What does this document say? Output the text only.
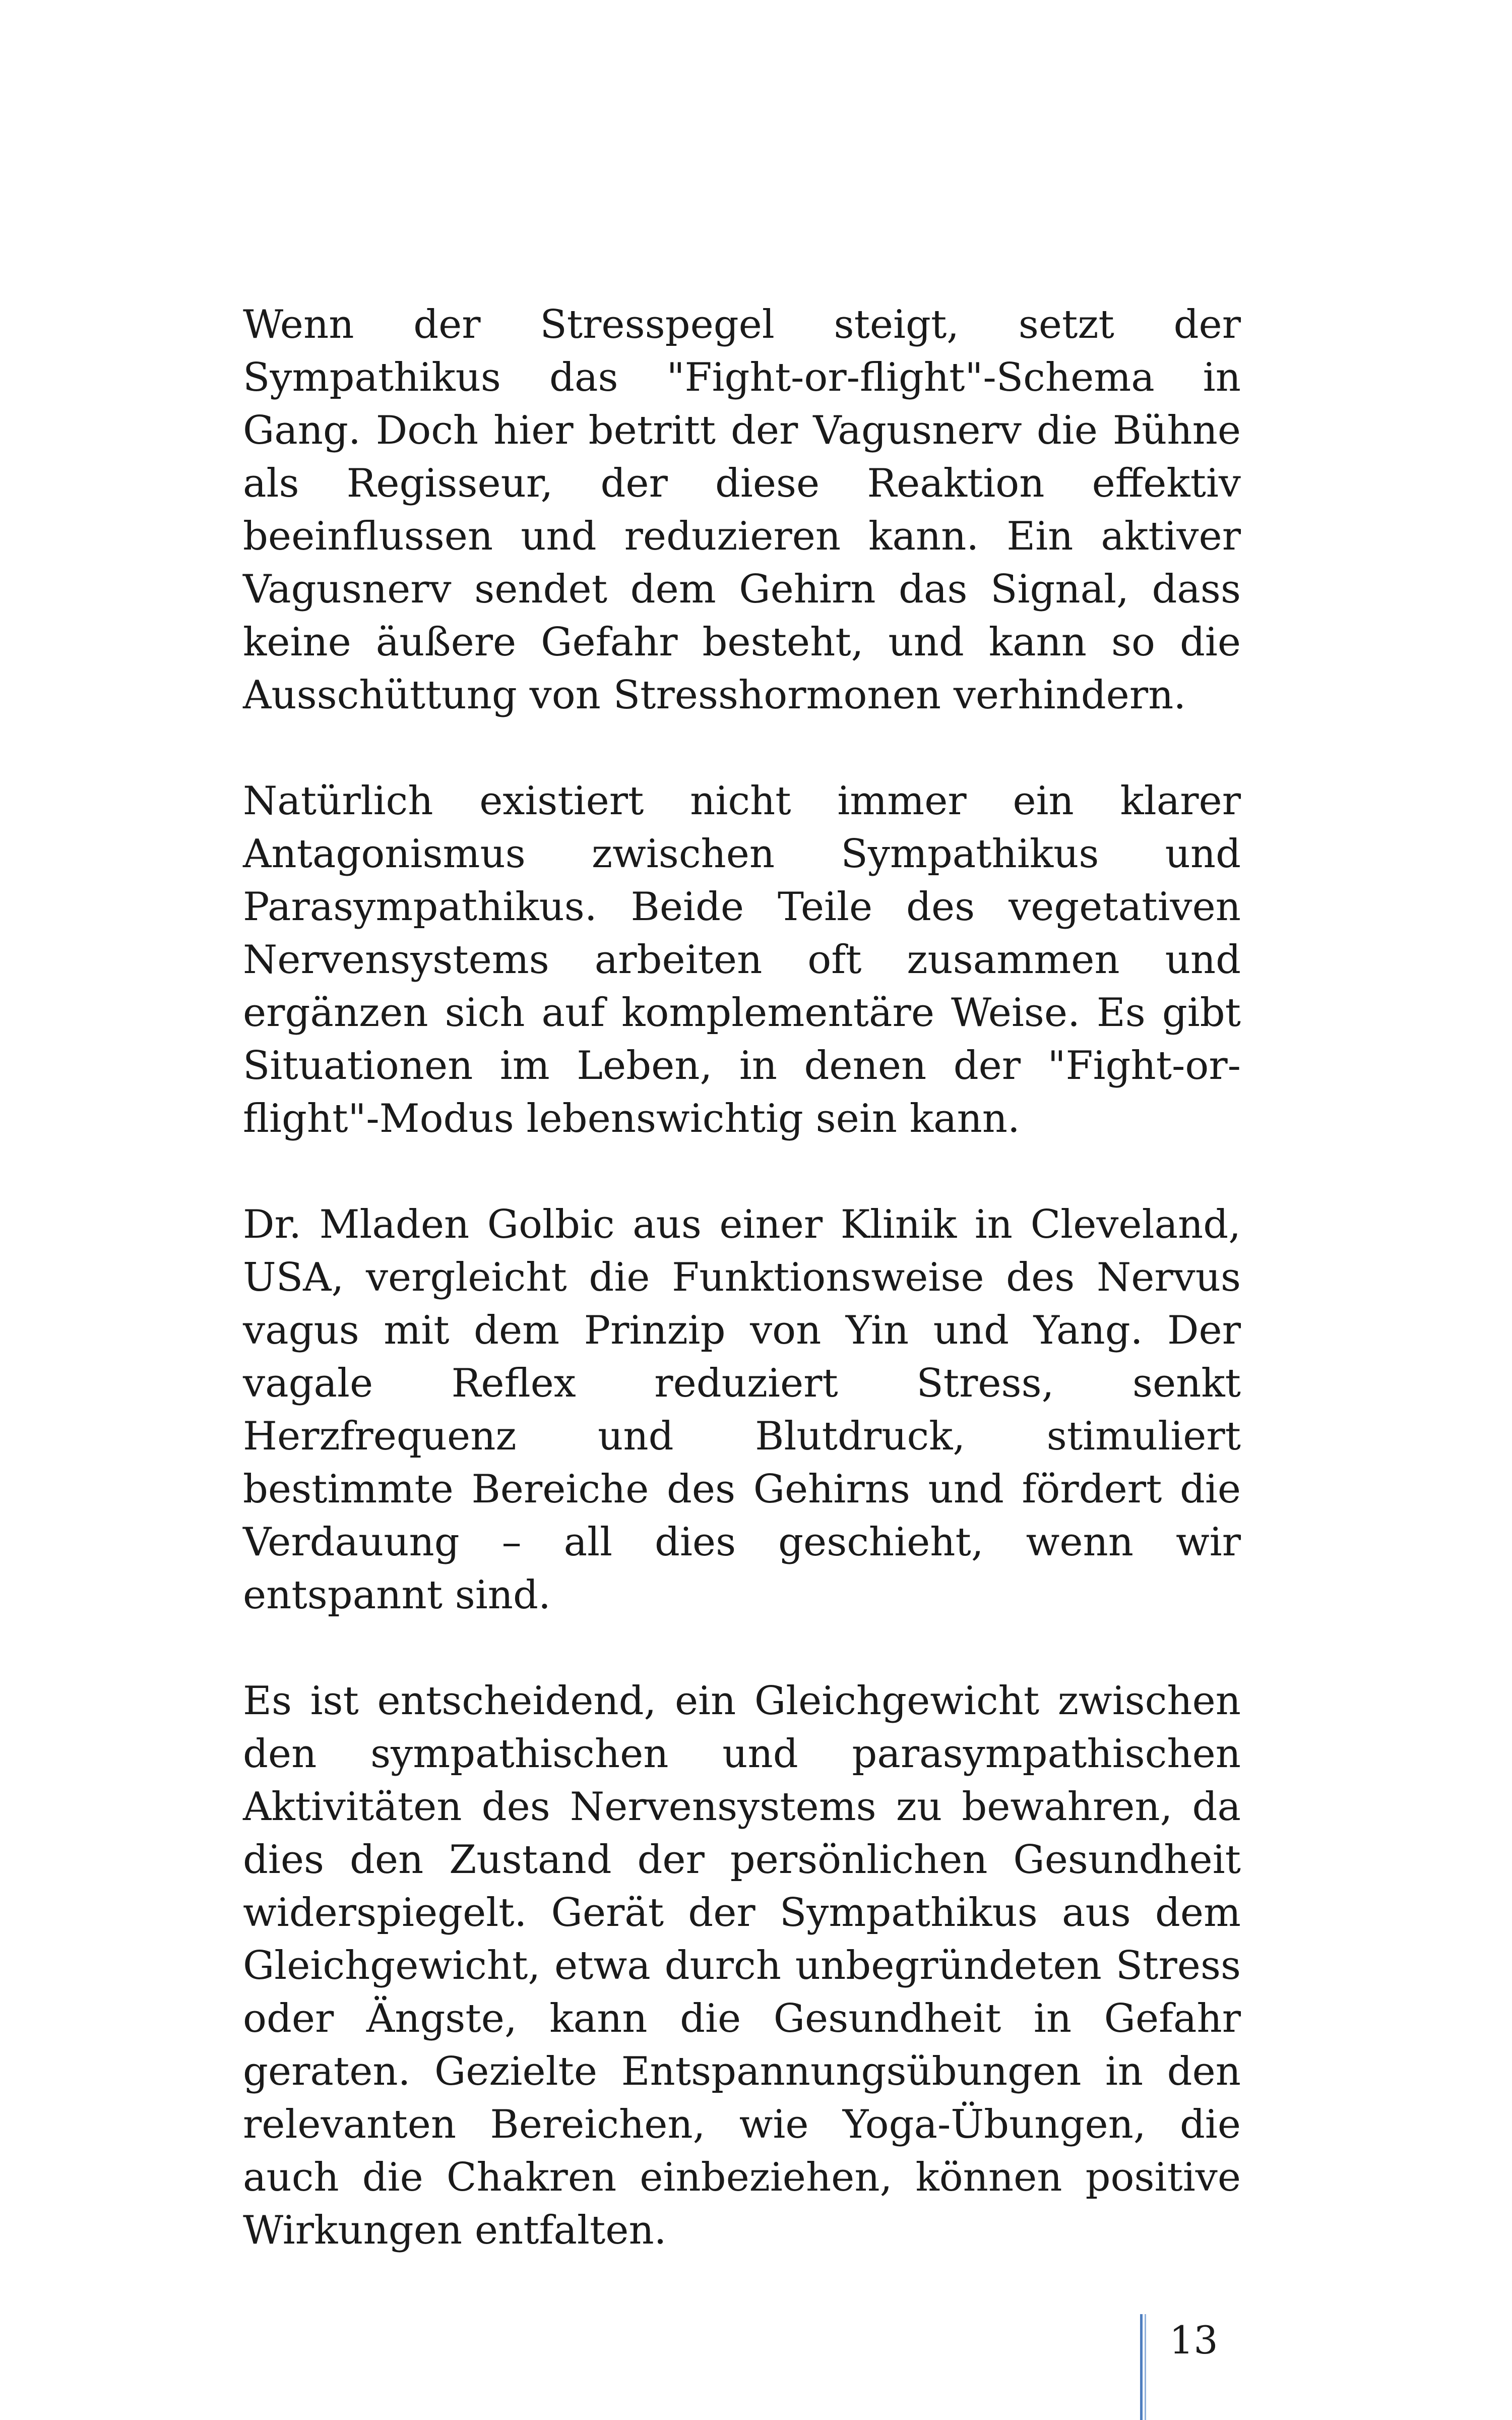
Wenn der Stresspegel steigt, setzt der Sympathikus das "Fight-or-flight"-Schema in Gang. Doch hier betritt der Vagusnerv die Bühne als Regisseur, der diese Reaktion effektiv beeinflussen und reduzieren kann. Ein aktiver Vagusnerv sendet dem Gehirn das Signal, dass keine äußere Gefahr besteht, und kann so die Ausschüttung von Stresshormonen verhindern.

Natürlich existiert nicht immer ein klarer Antagonismus zwischen Sympathikus und Parasympathikus. Beide Teile des vegetativen Nervensystems arbeiten oft zusammen und ergänzen sich auf komplementäre Weise. Es gibt Situationen im Leben, in denen der "Fight-or-flight"-Modus lebenswichtig sein kann.

Dr. Mladen Golbic aus einer Klinik in Cleveland, USA, vergleicht die Funktionsweise des Nervus vagus mit dem Prinzip von Yin und Yang. Der vagale Reflex reduziert Stress, senkt Herzfrequenz und Blutdruck, stimuliert bestimmte Bereiche des Gehirns und fördert die Verdauung – all dies geschieht, wenn wir entspannt sind.

Es ist entscheidend, ein Gleichgewicht zwischen den sympathischen und parasympathischen Aktivitäten des Nervensystems zu bewahren, da dies den Zustand der persönlichen Gesundheit widerspiegelt. Gerät der Sympathikus aus dem Gleichgewicht, etwa durch unbegründeten Stress oder Ängste, kann die Gesundheit in Gefahr geraten. Gezielte Entspannungsübungen in den relevanten Bereichen, wie Yoga-Übungen, die auch die Chakren einbeziehen, können positive Wirkungen entfalten.

13
